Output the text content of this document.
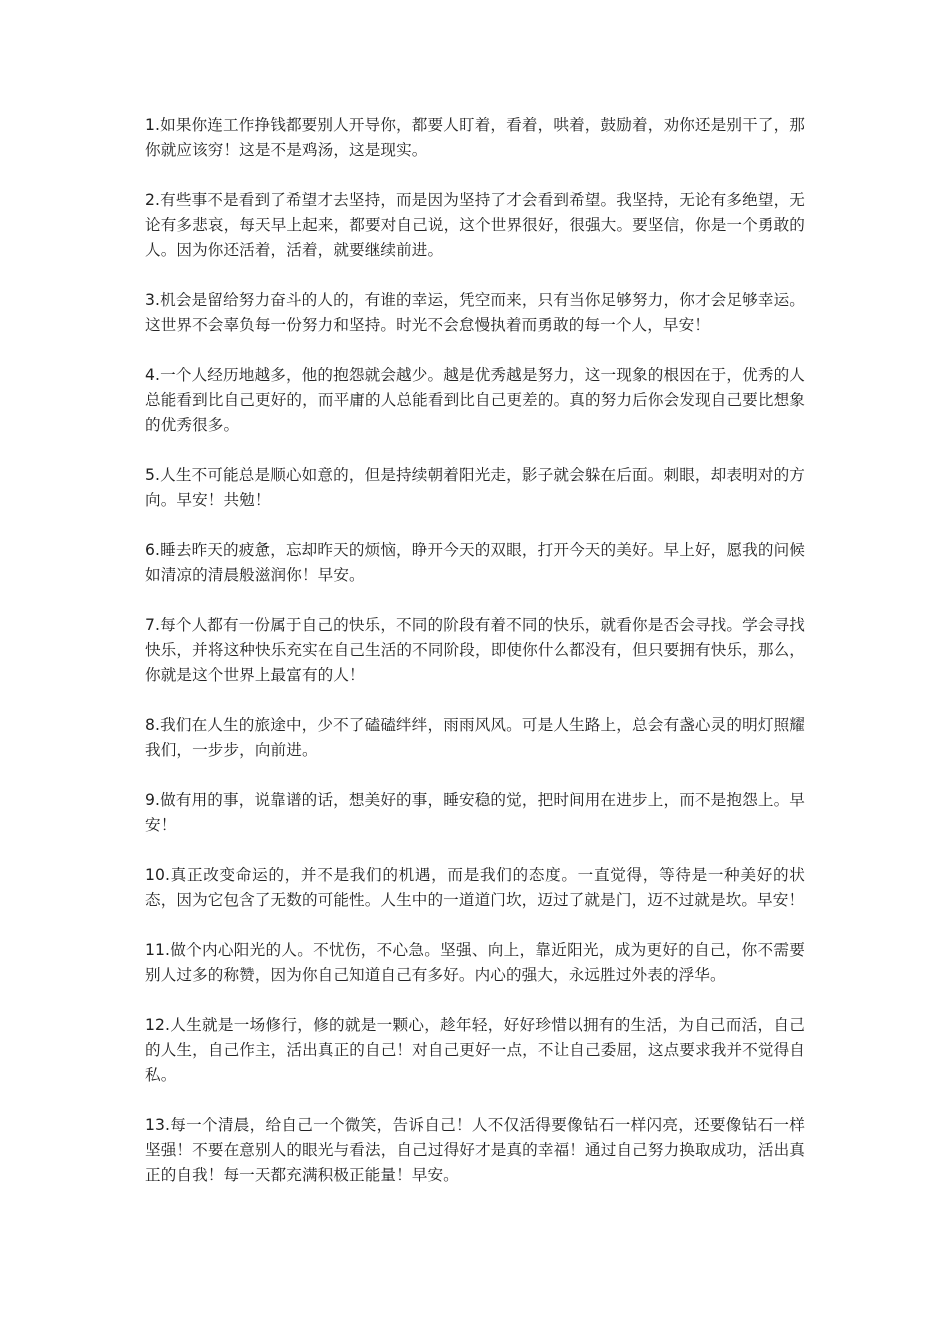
1.如果你连工作挣钱都要别人开导你，都要人盯着，看着，哄着，鼓励着，劝你还是别干了，那你就应该穷！这是不是鸡汤，这是现实。

2.有些事不是看到了希望才去坚持，而是因为坚持了才会看到希望。我坚持，无论有多绝望，无论有多悲哀，每天早上起来，都要对自己说，这个世界很好，很强大。要坚信，你是一个勇敢的人。因为你还活着，活着，就要继续前进。

3.机会是留给努力奋斗的人的，有谁的幸运，凭空而来，只有当你足够努力，你才会足够幸运。这世界不会辜负每一份努力和坚持。时光不会怠慢执着而勇敢的每一个人，早安！

4.一个人经历地越多，他的抱怨就会越少。越是优秀越是努力，这一现象的根因在于，优秀的人总能看到比自己更好的，而平庸的人总能看到比自己更差的。真的努力后你会发现自己要比想象的优秀很多。

5.人生不可能总是顺心如意的，但是持续朝着阳光走，影子就会躲在后面。刺眼，却表明对的方向。早安！共勉！

6.睡去昨天的疲惫，忘却昨天的烦恼，睁开今天的双眼，打开今天的美好。早上好，愿我的问候如清凉的清晨般滋润你！早安。

7.每个人都有一份属于自己的快乐，不同的阶段有着不同的快乐，就看你是否会寻找。学会寻找快乐，并将这种快乐充实在自己生活的不同阶段，即使你什么都没有，但只要拥有快乐，那么，你就是这个世界上最富有的人！

8.我们在人生的旅途中，少不了磕磕绊绊，雨雨风风。可是人生路上，总会有盏心灵的明灯照耀我们，一步步，向前进。

9.做有用的事，说靠谱的话，想美好的事，睡安稳的觉，把时间用在进步上，而不是抱怨上。早安！

10.真正改变命运的，并不是我们的机遇，而是我们的态度。一直觉得，等待是一种美好的状态，因为它包含了无数的可能性。人生中的一道道门坎，迈过了就是门，迈不过就是坎。早安！

11.做个内心阳光的人。不忧伤，不心急。坚强、向上，靠近阳光，成为更好的自己，你不需要别人过多的称赞，因为你自己知道自己有多好。内心的强大，永远胜过外表的浮华。

12.人生就是一场修行，修的就是一颗心，趁年轻，好好珍惜以拥有的生活，为自己而活，自己的人生，自己作主，活出真正的自己！对自己更好一点，不让自己委屈，这点要求我并不觉得自私。

13.每一个清晨，给自己一个微笑，告诉自己！人不仅活得要像钻石一样闪亮，还要像钻石一样坚强！不要在意别人的眼光与看法，自己过得好才是真的幸福！通过自己努力换取成功，活出真正的自我！每一天都充满积极正能量！早安。
